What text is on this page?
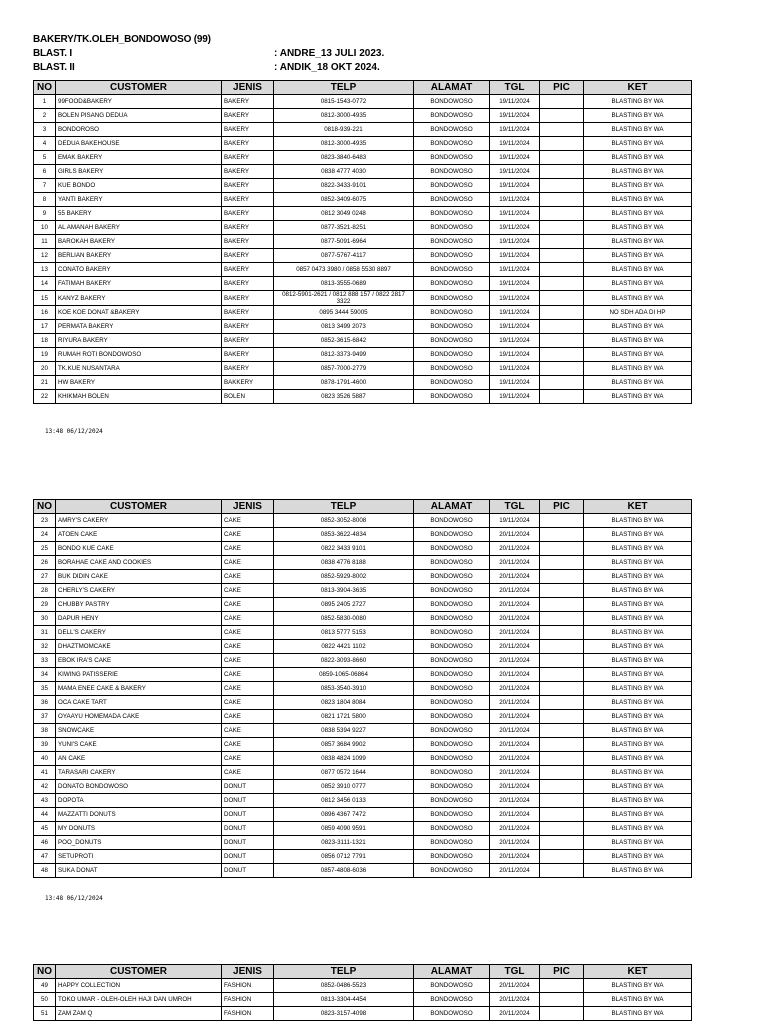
BAKERY/TK.OLEH_BONDOWOSO (99)
BLAST. I	: ANDRE_13 JULI 2023.
BLAST. II	: ANDIK_18 OKT 2024.
NO	CUSTOMER	JENIS	TELP	ALAMAT	TGL	PIC	KET
1	99FOOD&BAKERY	BAKERY	0815-1543-0772	BONDOWOSO	19/11/2024		BLASTING BY WA
2	BOLEN PISANG DEDUA	BAKERY	0812-3000-4935	BONDOWOSO	19/11/2024		BLASTING BY WA
3	BONDOROSO	BAKERY	0818-939-221	BONDOWOSO	19/11/2024		BLASTING BY WA
4	DEDUA BAKEHOUSE	BAKERY	0812-3000-4935	BONDOWOSO	19/11/2024		BLASTING BY WA
5	EMAK BAKERY	BAKERY	0823-3840-6483	BONDOWOSO	19/11/2024		BLASTING BY WA
6	GIRLS BAKERY	BAKERY	0838 4777 4030	BONDOWOSO	19/11/2024		BLASTING BY WA
7	KUE BONDO	BAKERY	0822-3433-9101	BONDOWOSO	19/11/2024		BLASTING BY WA
8	YANTI BAKERY	BAKERY	0852-3409-6075	BONDOWOSO	19/11/2024		BLASTING BY WA
9	55 BAKERY	BAKERY	0812 3049 0248	BONDOWOSO	19/11/2024		BLASTING BY WA
10	AL AMANAH BAKERY	BAKERY	0877-3521-8251	BONDOWOSO	19/11/2024		BLASTING BY WA
11	BAROKAH BAKERY	BAKERY	0877-5091-6964	BONDOWOSO	19/11/2024		BLASTING BY WA
12	BERLIAN BAKERY	BAKERY	0877-5767-4117	BONDOWOSO	19/11/2024		BLASTING BY WA
13	CONATO BAKERY	BAKERY	0857 0473 3980 / 0858 5530 8897	BONDOWOSO	19/11/2024		BLASTING BY WA
14	FATIMAH BAKERY	BAKERY	0813-3555-0689	BONDOWOSO	19/11/2024		BLASTING BY WA
15	KANYZ BAKERY	BAKERY	0812-5901-2621 / 0812 888 157 / 0822 2817 3322	BONDOWOSO	19/11/2024		BLASTING BY WA
16	KOE KOE DONAT &BAKERY	BAKERY	0895 3444 59005	BONDOWOSO	19/11/2024		NO SDH ADA DI HP
17	PERMATA BAKERY	BAKERY	0813 3499 2073	BONDOWOSO	19/11/2024		BLASTING BY WA
18	RIYURA BAKERY	BAKERY	0852-3615-6842	BONDOWOSO	19/11/2024		BLASTING BY WA
19	RUMAH ROTI BONDOWOSO	BAKERY	0812-3373-9499	BONDOWOSO	19/11/2024		BLASTING BY WA
20	TK.KUE NUSANTARA	BAKERY	0857-7000-2779	BONDOWOSO	19/11/2024		BLASTING BY WA
21	HW BAKERY	BAKKERY	0878-1791-4600	BONDOWOSO	19/11/2024		BLASTING BY WA
22	KHIKMAH BOLEN	BOLEN	0823 3526 5887	BONDOWOSO	19/11/2024		BLASTING BY WA
13:48 06/12/2024
NO	CUSTOMER	JENIS	TELP	ALAMAT	TGL	PIC	KET
23	AMRY'S CAKERY	CAKE	0852-3052-8008	BONDOWOSO	19/11/2024		BLASTING BY WA
24	ATOEN CAKE	CAKE	0853-3622-4834	BONDOWOSO	20/11/2024		BLASTING BY WA
25	BONDO KUE CAKE	CAKE	0822 3433 9101	BONDOWOSO	20/11/2024		BLASTING BY WA
26	BORAHAE CAKE AND COOKIES	CAKE	0838 4776 8188	BONDOWOSO	20/11/2024		BLASTING BY WA
27	BUK DIDIN CAKE	CAKE	0852-5929-8002	BONDOWOSO	20/11/2024		BLASTING BY WA
28	CHERLY'S CAKERY	CAKE	0813-3904-3635	BONDOWOSO	20/11/2024		BLASTING BY WA
29	CHUBBY PASTRY	CAKE	0895 2405 2727	BONDOWOSO	20/11/2024		BLASTING BY WA
30	DAPUR HENY	CAKE	0852-5830-0080	BONDOWOSO	20/11/2024		BLASTING BY WA
31	DELL'S CAKERY	CAKE	0813 5777 5153	BONDOWOSO	20/11/2024		BLASTING BY WA
32	DHAZTMOMCAKE	CAKE	0822 4421 1102	BONDOWOSO	20/11/2024		BLASTING BY WA
33	EBOK IRA'S CAKE	CAKE	0822-3093-8660	BONDOWOSO	20/11/2024		BLASTING BY WA
34	KIWING PATISSERIE	CAKE	0859-1065-06864	BONDOWOSO	20/11/2024		BLASTING BY WA
35	MAMA ENEE CAKE & BAKERY	CAKE	0853-3540-3910	BONDOWOSO	20/11/2024		BLASTING BY WA
36	OCA CAKE TART	CAKE	0823 1804 8084	BONDOWOSO	20/11/2024		BLASTING BY WA
37	OYAAYU HOMEMADA CAKE	CAKE	0821 1721 5800	BONDOWOSO	20/11/2024		BLASTING BY WA
38	SNOWCAKE	CAKE	0838 5394 9227	BONDOWOSO	20/11/2024		BLASTING BY WA
39	YUNI'S CAKE	CAKE	0857 3684 9902	BONDOWOSO	20/11/2024		BLASTING BY WA
40	AN CAKE	CAKE	0838 4824 1099	BONDOWOSO	20/11/2024		BLASTING BY WA
41	TARASARI CAKERY	CAKE	0877 0572 1644	BONDOWOSO	20/11/2024		BLASTING BY WA
42	DONATO BONDOWOSO	DONUT	0852 3910 0777	BONDOWOSO	20/11/2024		BLASTING BY WA
43	DOPOTA	DONUT	0812 3456 0133	BONDOWOSO	20/11/2024		BLASTING BY WA
44	MAZZATTI DONUTS	DONUT	0896 4367 7472	BONDOWOSO	20/11/2024		BLASTING BY WA
45	MY DONUTS	DONUT	0859 4090 9591	BONDOWOSO	20/11/2024		BLASTING BY WA
46	POO_DONUTS	DONUT	0823-3111-1321	BONDOWOSO	20/11/2024		BLASTING BY WA
47	SETUPROTI	DONUT	0856 0712 7791	BONDOWOSO	20/11/2024		BLASTING BY WA
48	SUKA DONAT	DONUT	0857-4808-6036	BONDOWOSO	20/11/2024		BLASTING BY WA
13:48 06/12/2024
NO	CUSTOMER	JENIS	TELP	ALAMAT	TGL	PIC	KET
49	HAPPY COLLECTION	FASHION	0852-0486-5523	BONDOWOSO	20/11/2024		BLASTING BY WA
50	TOKO UMAR - OLEH-OLEH HAJI DAN UMROH	FASHION	0813-3304-4454	BONDOWOSO	20/11/2024		BLASTING BY WA
51	ZAM ZAM Q	FASHION	0823-3157-4098	BONDOWOSO	20/11/2024		BLASTING BY WA
